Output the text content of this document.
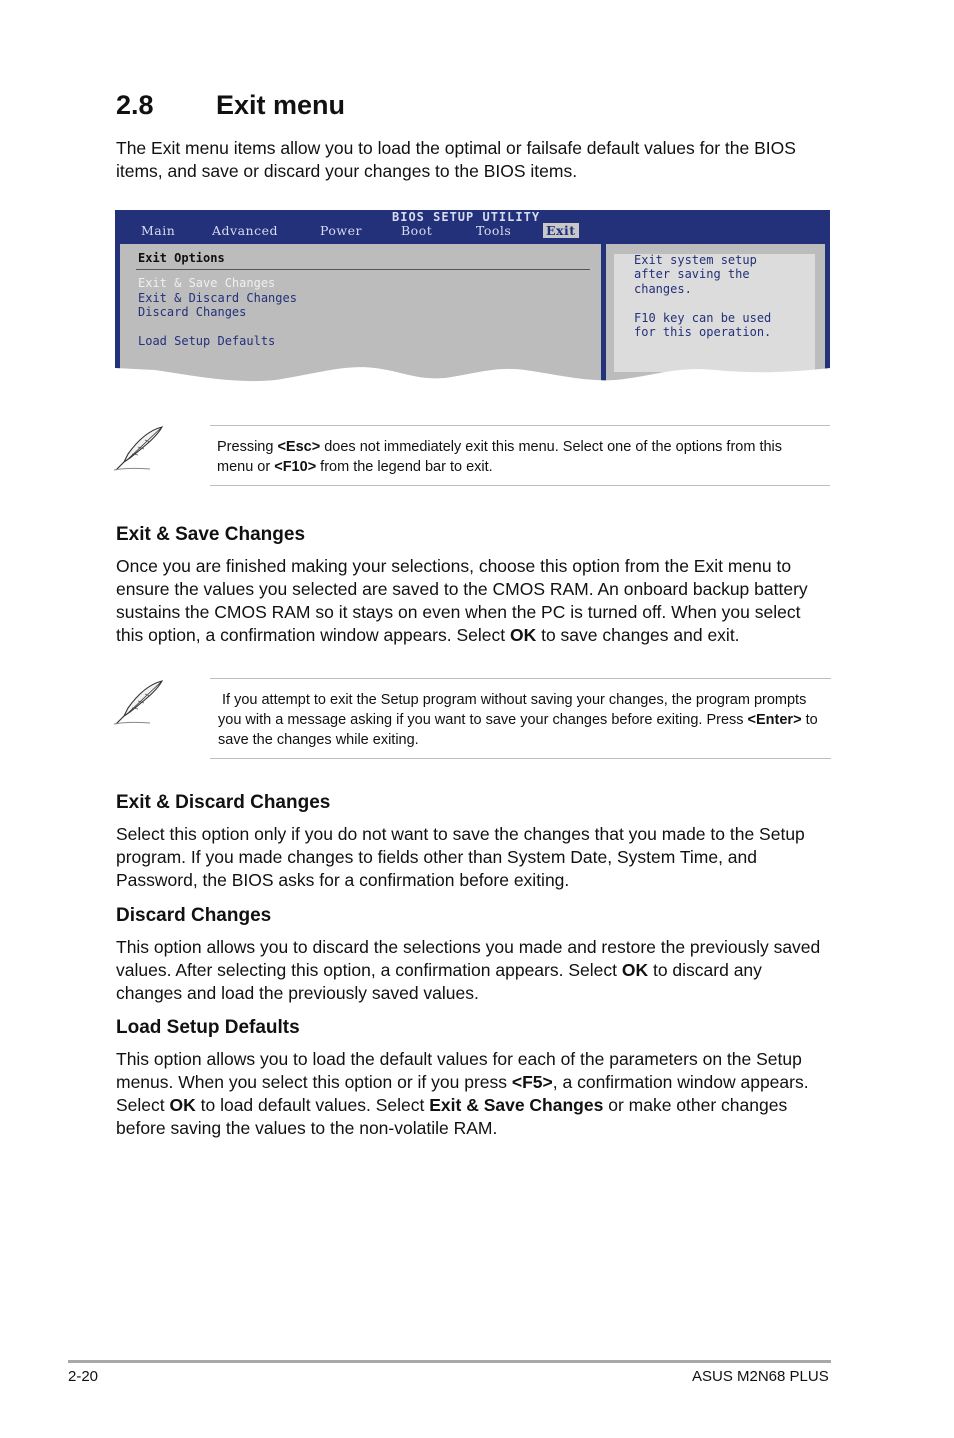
2.8 Exit menu
The Exit menu items allow you to load the optimal or failsafe default values for the BIOS items, and save or discard your changes to the BIOS items.
BIOS SETUP UTILITY
Main	Advanced	Power	Boot	Tools	Exit
Exit Options
Exit & Save Changes
Exit & Discard Changes
Discard Changes
Load Setup Defaults
Exit system setup
after saving the
changes.
F10 key can be used
for this operation.
Pressing <Esc> does not immediately exit this menu. Select one of the options from this menu or <F10> from the legend bar to exit.
Exit & Save Changes
Once you are finished making your selections, choose this option from the Exit menu to ensure the values you selected are saved to the CMOS RAM. An onboard backup battery sustains the CMOS RAM so it stays on even when the PC is turned off. When you select this option, a confirmation window appears. Select OK to save changes and exit.
If you attempt to exit the Setup program without saving your changes, the program prompts you with a message asking if you want to save your changes before exiting. Press <Enter> to save the changes while exiting.
Exit & Discard Changes
Select this option only if you do not want to save the changes that you made to the Setup program. If you made changes to fields other than System Date, System Time, and Password, the BIOS asks for a confirmation before exiting.
Discard Changes
This option allows you to discard the selections you made and restore the previously saved values. After selecting this option, a confirmation appears. Select OK to discard any changes and load the previously saved values.
Load Setup Defaults
This option allows you to load the default values for each of the parameters on the Setup menus. When you select this option or if you press <F5>, a confirmation window appears. Select OK to load default values. Select Exit & Save Changes or make other changes before saving the values to the non-volatile RAM.
2-20	ASUS M2N68 PLUS
